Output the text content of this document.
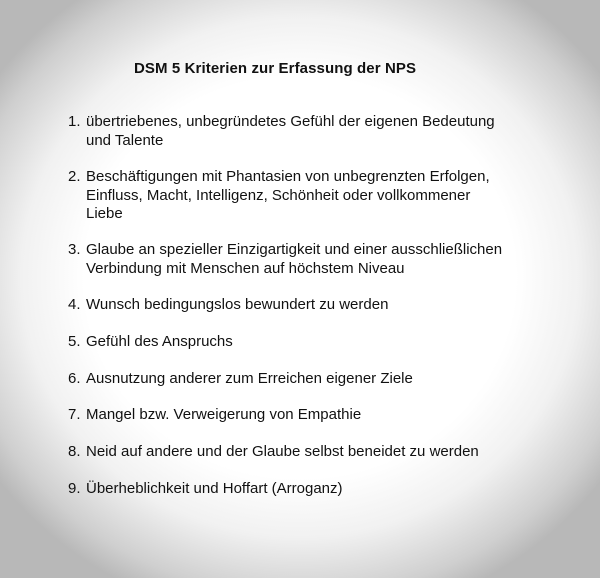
DSM 5 Kriterien zur Erfassung der NPS
1. übertriebenes, unbegründetes Gefühl der eigenen Bedeutung
und Talente
2. Beschäftigungen mit Phantasien von unbegrenzten Erfolgen,
Einfluss, Macht, Intelligenz, Schönheit oder vollkommener
Liebe
3. Glaube an spezieller Einzigartigkeit und einer ausschließlichen
Verbindung mit Menschen auf höchstem Niveau
4. Wunsch bedingungslos bewundert zu werden
5. Gefühl des Anspruchs
6. Ausnutzung anderer zum Erreichen eigener Ziele
7. Mangel bzw. Verweigerung von Empathie
8. Neid auf andere und der Glaube selbst beneidet zu werden
9. Überheblichkeit und Hoffart (Arroganz)
